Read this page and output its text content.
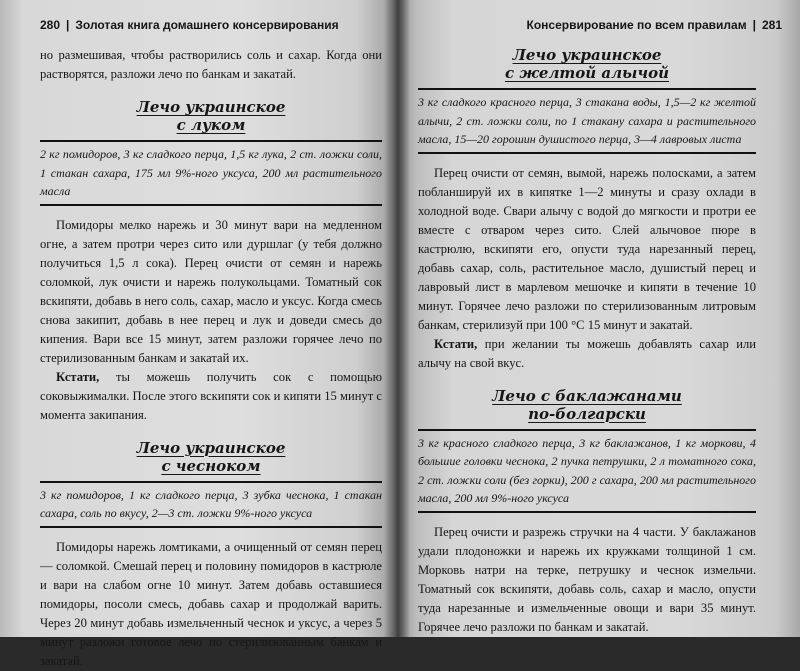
280 | Золотая книга домашнего консервирования

но размешивая, чтобы растворились соль и сахар. Когда они растворятся, разложи лечо по банкам и закатай.

Лечо украинское
с луком
2 кг помидоров, 3 кг сладкого перца, 1,5 кг лука, 2 ст. ложки соли, 1 стакан сахара, 175 мл 9%-ного уксуса, 200 мл растительного масла

Помидоры мелко нарежь и 30 минут вари на медленном огне, а затем протри через сито или дуршлаг (у тебя должно получиться 1,5 л сока). Перец очисти от семян и нарежь соломкой, лук очисти и нарежь полукольцами. Томатный сок вскипяти, добавь в него соль, сахар, масло и уксус. Когда смесь снова закипит, добавь в нее перец и лук и доведи смесь до кипения. Вари все 15 минут, затем разложи горячее лечо по стерилизованным банкам и закатай их.

Кстати, ты можешь получить сок с помощью соковыжималки. После этого вскипяти сок и кипяти 15 минут с момента закипания.

Лечо украинское
с чесноком
3 кг помидоров, 1 кг сладкого перца, 3 зубка чеснока, 1 стакан сахара, соль по вкусу, 2—3 ст. ложки 9%-ного уксуса

Помидоры нарежь ломтиками, а очищенный от семян перец — соломкой. Смешай перец и половину помидоров в кастрюле и вари на слабом огне 10 минут. Затем добавь оставшиеся помидоры, посоли смесь, добавь сахар и продолжай варить. Через 20 минут добавь измельченный чеснок и уксус, а через 5 минут разложи готовое лечо по стерилизованным банкам и закатай.

Консервирование по всем правилам | 281
Лечо украинское
с желтой алычой
3 кг сладкого красного перца, 3 стакана воды, 1,5—2 кг желтой алычи, 2 ст. ложки соли, по 1 стакану сахара и растительного масла, 15—20 горошин душистого перца, 3—4 лавровых листа

Перец очисти от семян, вымой, нарежь полосками, а затем побланшируй их в кипятке 1—2 минуты и сразу охлади в холодной воде. Свари алычу с водой до мягкости и протри ее вместе с отваром через сито. Слей алычовое пюре в кастрюлю, вскипяти его, опусти туда нарезанный перец, добавь сахар, соль, растительное масло, душистый перец и лавровый лист в марлевом мешочке и кипяти в течение 10 минут. Горячее лечо разложи по стерилизованным литровым банкам, стерилизуй при 100 °С 15 минут и закатай.

Кстати, при желании ты можешь добавлять сахар или алычу на свой вкус.

Лечо с баклажанами
по-болгарски
3 кг красного сладкого перца, 3 кг баклажанов, 1 кг моркови, 4 большие головки чеснока, 2 пучка петрушки, 2 л томатного сока, 2 ст. ложки соли (без горки), 200 г сахара, 200 мл растительного масла, 200 мл 9%-ного уксуса

Перец очисти и разрежь стручки на 4 части. У баклажанов удали плодоножки и нарежь их кружками толщиной 1 см. Морковь натри на терке, петрушку и чеснок измельчи. Томатный сок вскипяти, добавь соль, сахар и масло, опусти туда нарезанные и измельченные овощи и вари 35 минут. Горячее лечо разложи по банкам и закатай.
